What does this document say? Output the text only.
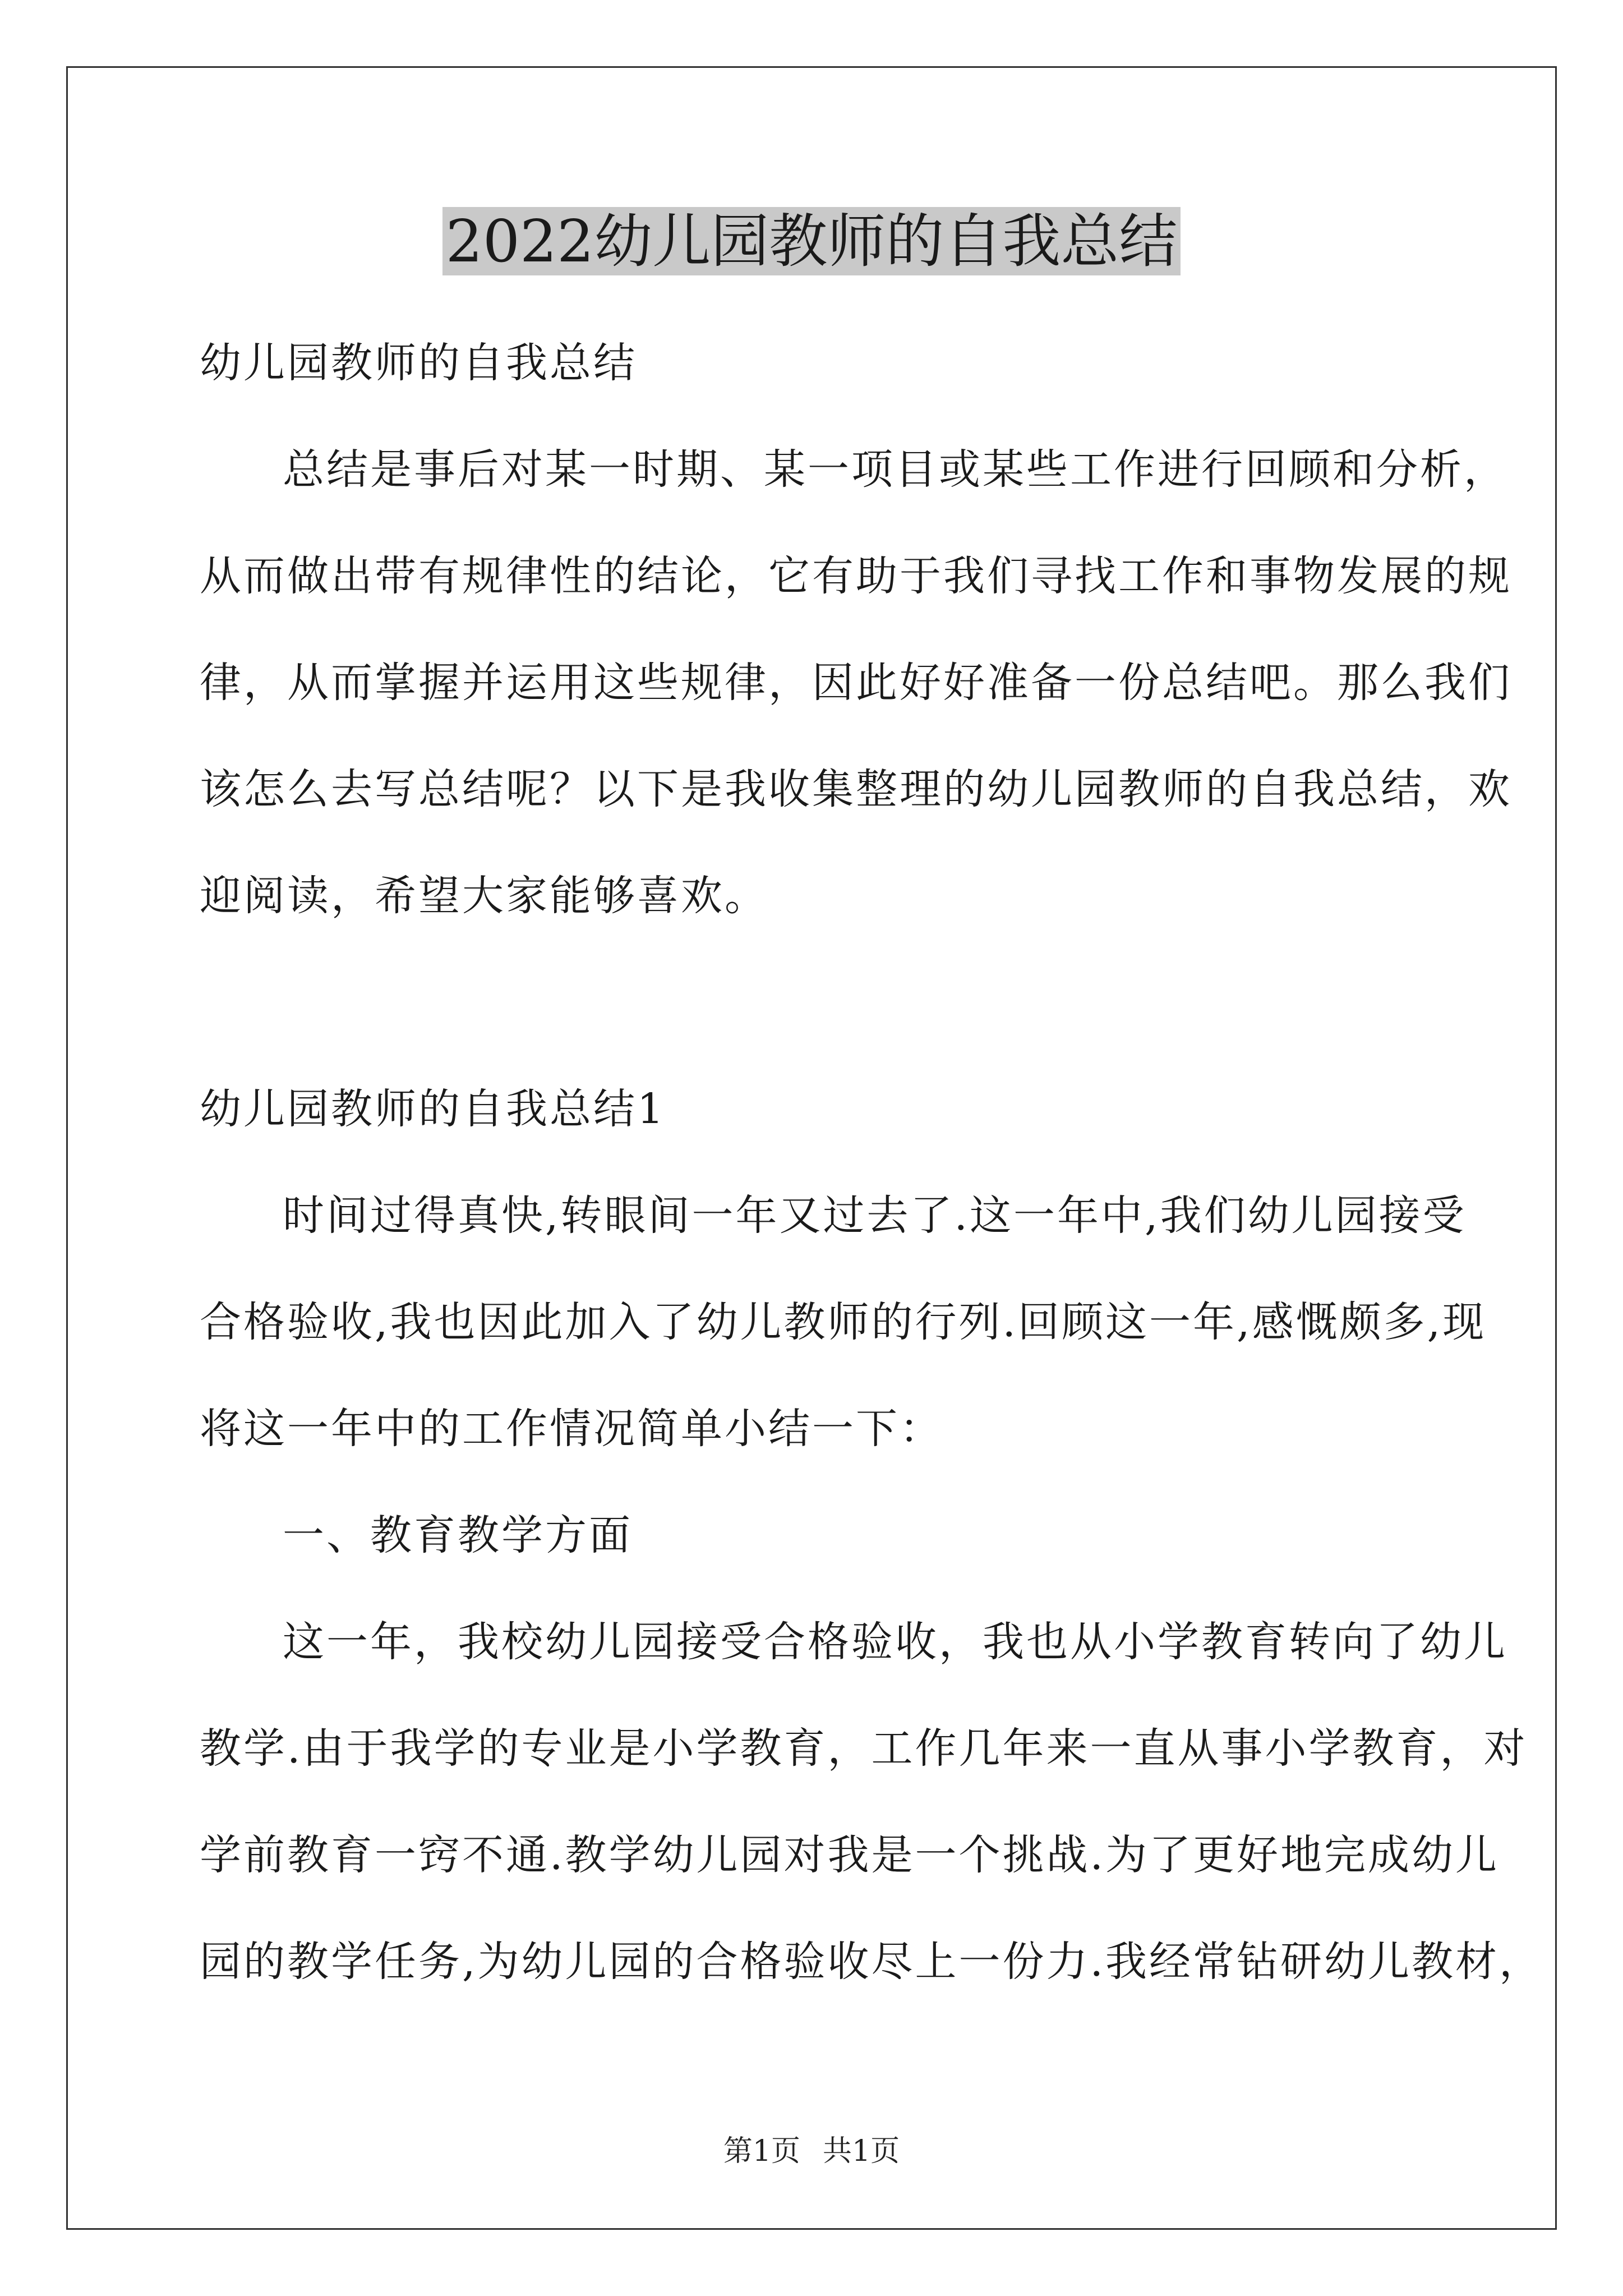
2022幼儿园教师的自我总结

幼儿园教师的自我总结

总结是事后对某一时期、某一项目或某些工作进行回顾和分析，

从而做出带有规律性的结论，它有助于我们寻找工作和事物发展的规
律，从而掌握并运用这些规律，因此好好准备一份总结吧。那么我们
该怎么去写总结呢？以下是我收集整理的幼儿园教师的自我总结，欢
迎阅读，希望大家能够喜欢。

幼儿园教师的自我总结1

时间过得真快,转眼间一年又过去了.这一年中,我们幼儿园接受

合格验收,我也因此加入了幼儿教师的行列.回顾这一年,感慨颇多,现
将这一年中的工作情况简单小结一下：

一、教育教学方面

这一年，我校幼儿园接受合格验收，我也从小学教育转向了幼儿

教学.由于我学的专业是小学教育，工作几年来一直从事小学教育，对
学前教育一窍不通.教学幼儿园对我是一个挑战.为了更好地完成幼儿
园的教学任务,为幼儿园的合格验收尽上一份力.我经常钻研幼儿教材，

第1页 共1页
